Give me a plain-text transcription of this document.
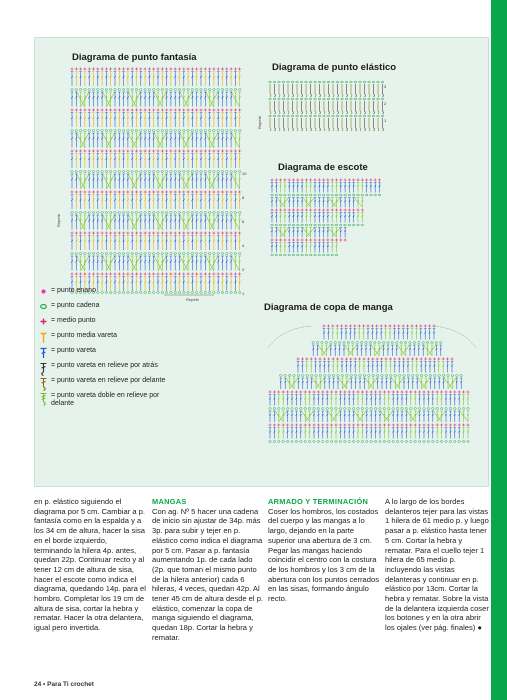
Diagrama de punto fantasía
Diagrama de punto elástico
Diagrama de escote
Diagrama de copa de manga
10
8
6
4
2
1
3
2
1
Repetir
Repetir
Repetir
= punto enano
= punto cadena
= medio punto
= punto media vareta
= punto vareta
= punto vareta en relieve por atrás
= punto vareta en relieve por delante
= punto vareta doble en relieve por delante

en p. elástico siguiendo el diagrama por 5 cm. Cambiar a p. fantasía como en la espalda y a los 34 cm de altura, hacer la sisa en el borde izquierdo, terminando la hilera 4p. antes, quedan 22p. Continuar recto y al tener 12 cm de altura de sisa, hacer el escote como indica el diagrama, quedando 14p. para el hombro. Completar los 19 cm de altura de sisa, cortar la hebra y rematar. Hacer la otra delantera, igual pero invertida.

MANGAS

Con ag. Nº 5 hacer una cadena de inicio sin ajustar de 34p. más 3p. para subir y tejer en p. elástico como indica el diagrama por 5 cm. Pasar a p. fantasía aumentando 1p. de cada lado (2p. que toman el mismo punto de la hilera anterior) cada 6 hileras, 4 veces, quedan 42p. Al tener 45 cm de altura desde el p. elástico, comenzar la copa de manga siguiendo el diagrama, quedan 18p. Cortar la hebra y rematar.

ARMADO Y TERMINACIÓN

Coser los hombros, los costados del cuerpo y las mangas a lo largo, dejando en la parte superior una abertura de 3 cm. Pegar las mangas haciendo coincidir el centro con la costura de los hombros y los 3 cm de la abertura con los puntos cerrados en las sisas, formando ángulo recto.

A lo largo de los bordes delanteros tejer para las vistas 1 hilera de 61 medio p. y luego pasar a p. elástico hasta tener 5 cm. Cortar la hebra y rematar. Para el cuello tejer 1 hilera de 65 medio p. incluyendo las vistas delanteras y continuar en p. elástico por 13cm. Cortar la hebra y rematar. Sobre la vista de la delantera izquierda coser los botones y en la otra abrir los ojales (ver pág. finales) ●

24 • Para Ti crochet
